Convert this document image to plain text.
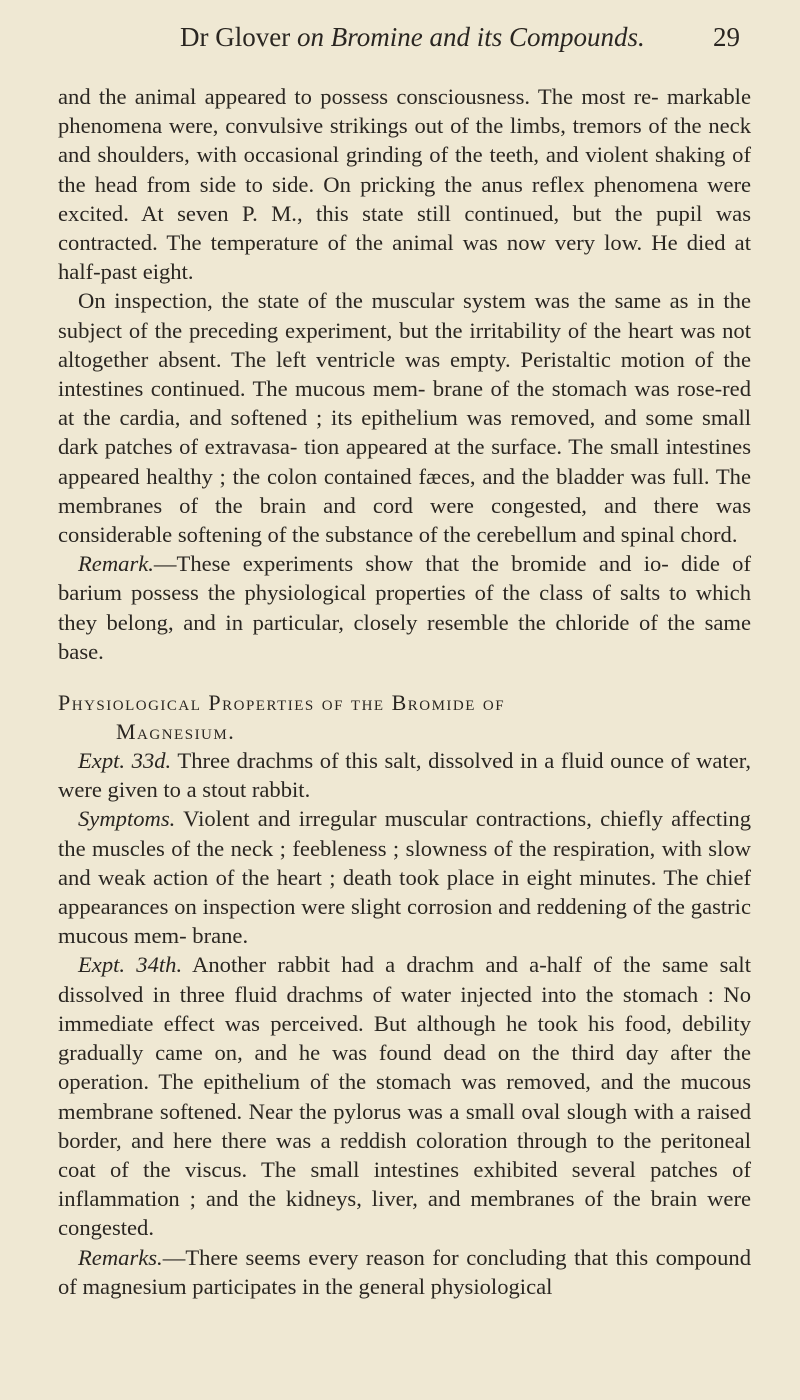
Dr Glover on Bromine and its Compounds.	29

and the animal appeared to possess consciousness. The most re- markable phenomena were, convulsive strikings out of the limbs, tremors of the neck and shoulders, with occasional grinding of the teeth, and violent shaking of the head from side to side. On pricking the anus reflex phenomena were excited. At seven P. M., this state still continued, but the pupil was contracted. The temperature of the animal was now very low. He died at half-past eight.

On inspection, the state of the muscular system was the same as in the subject of the preceding experiment, but the irritability of the heart was not altogether absent. The left ventricle was empty. Peristaltic motion of the intestines continued. The mucous mem- brane of the stomach was rose-red at the cardia, and softened ; its epithelium was removed, and some small dark patches of extravasa- tion appeared at the surface. The small intestines appeared healthy ; the colon contained fæces, and the bladder was full. The membranes of the brain and cord were congested, and there was considerable softening of the substance of the cerebellum and spinal chord.

Remark.—These experiments show that the bromide and io- dide of barium possess the physiological properties of the class of salts to which they belong, and in particular, closely resemble the chloride of the same base.

Physiological Properties of the Bromide of
Magnesium.

Expt. 33d. Three drachms of this salt, dissolved in a fluid ounce of water, were given to a stout rabbit.

Symptoms. Violent and irregular muscular contractions, chiefly affecting the muscles of the neck ; feebleness ; slowness of the respiration, with slow and weak action of the heart ; death took place in eight minutes. The chief appearances on inspection were slight corrosion and reddening of the gastric mucous mem- brane.

Expt. 34th. Another rabbit had a drachm and a-half of the same salt dissolved in three fluid drachms of water injected into the stomach : No immediate effect was perceived. But although he took his food, debility gradually came on, and he was found dead on the third day after the operation. The epithelium of the stomach was removed, and the mucous membrane softened. Near the pylorus was a small oval slough with a raised border, and here there was a reddish coloration through to the peritoneal coat of the viscus. The small intestines exhibited several patches of inflammation ; and the kidneys, liver, and membranes of the brain were congested.

Remarks.—There seems every reason for concluding that this compound of magnesium participates in the general physiological
